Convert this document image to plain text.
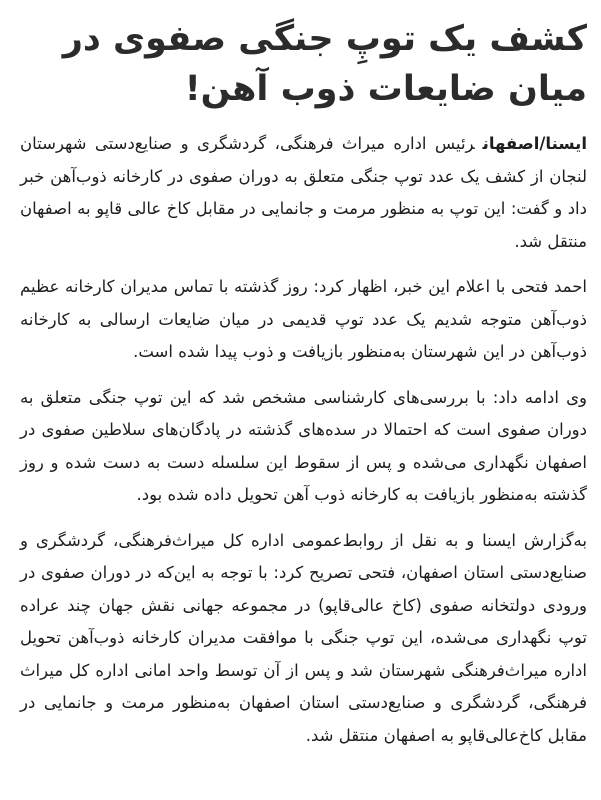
کشف یک توپِ جنگی صفوی در میان ضایعات ذوب آهن!

ایسنا/اصفهانرئیس اداره میراث فرهنگی، گردشگری و صنایع‌دستی شهرستان لنجان از کشف یک عدد توپ جنگی متعلق به دوران صفوی در کارخانه ذوب‌آهن خبر داد و گفت: این توپ به منظور مرمت و جانمایی در مقابل کاخ عالی قاپو به اصفهان منتقل شد.

احمد فتحی با اعلام این خبر، اظهار کرد: روز گذشته با تماس مدیران کارخانه عظیم ذوب‌آهن متوجه شدیم یک عدد توپ قدیمی در میان ضایعات ارسالی به کارخانه ذوب‌آهن در این شهرستان به‌منظور بازیافت و ذوب پیدا شده است.

وی ادامه داد: با بررسی‌های کارشناسی مشخص شد که این توپ جنگی متعلق به دوران صفوی است که احتمالا در سده‌های گذشته در پادگان‌های سلاطین صفوی در اصفهان نگهداری می‌شده و پس از سقوط این سلسله دست به دست شده و روز گذشته به‌منظور بازیافت به کارخانه ذوب آهن تحویل داده شده بود.

به‌گزارش ایسنا و به نقل از روابط‌عمومی اداره کل میراث‌فرهنگی، گردشگری و صنایع‌دستی استان اصفهان، فتحی تصریح کرد: با توجه به این‌که در دوران صفوی در ورودی دولتخانه صفوی (کاخ عالی‌قاپو) در مجموعه جهانی نقش جهان چند عراده توپ نگهداری می‌شده، این توپ جنگی با موافقت مدیران کارخانه ذوب‌آهن تحویل اداره میراث‌فرهنگی شهرستان شد و پس از آن توسط واحد امانی اداره کل میراث فرهنگی، گردشگری و صنایع‌دستی استان اصفهان به‌منظور مرمت و جانمایی در مقابل کاخ‌عالی‌قاپو به اصفهان منتقل شد.
